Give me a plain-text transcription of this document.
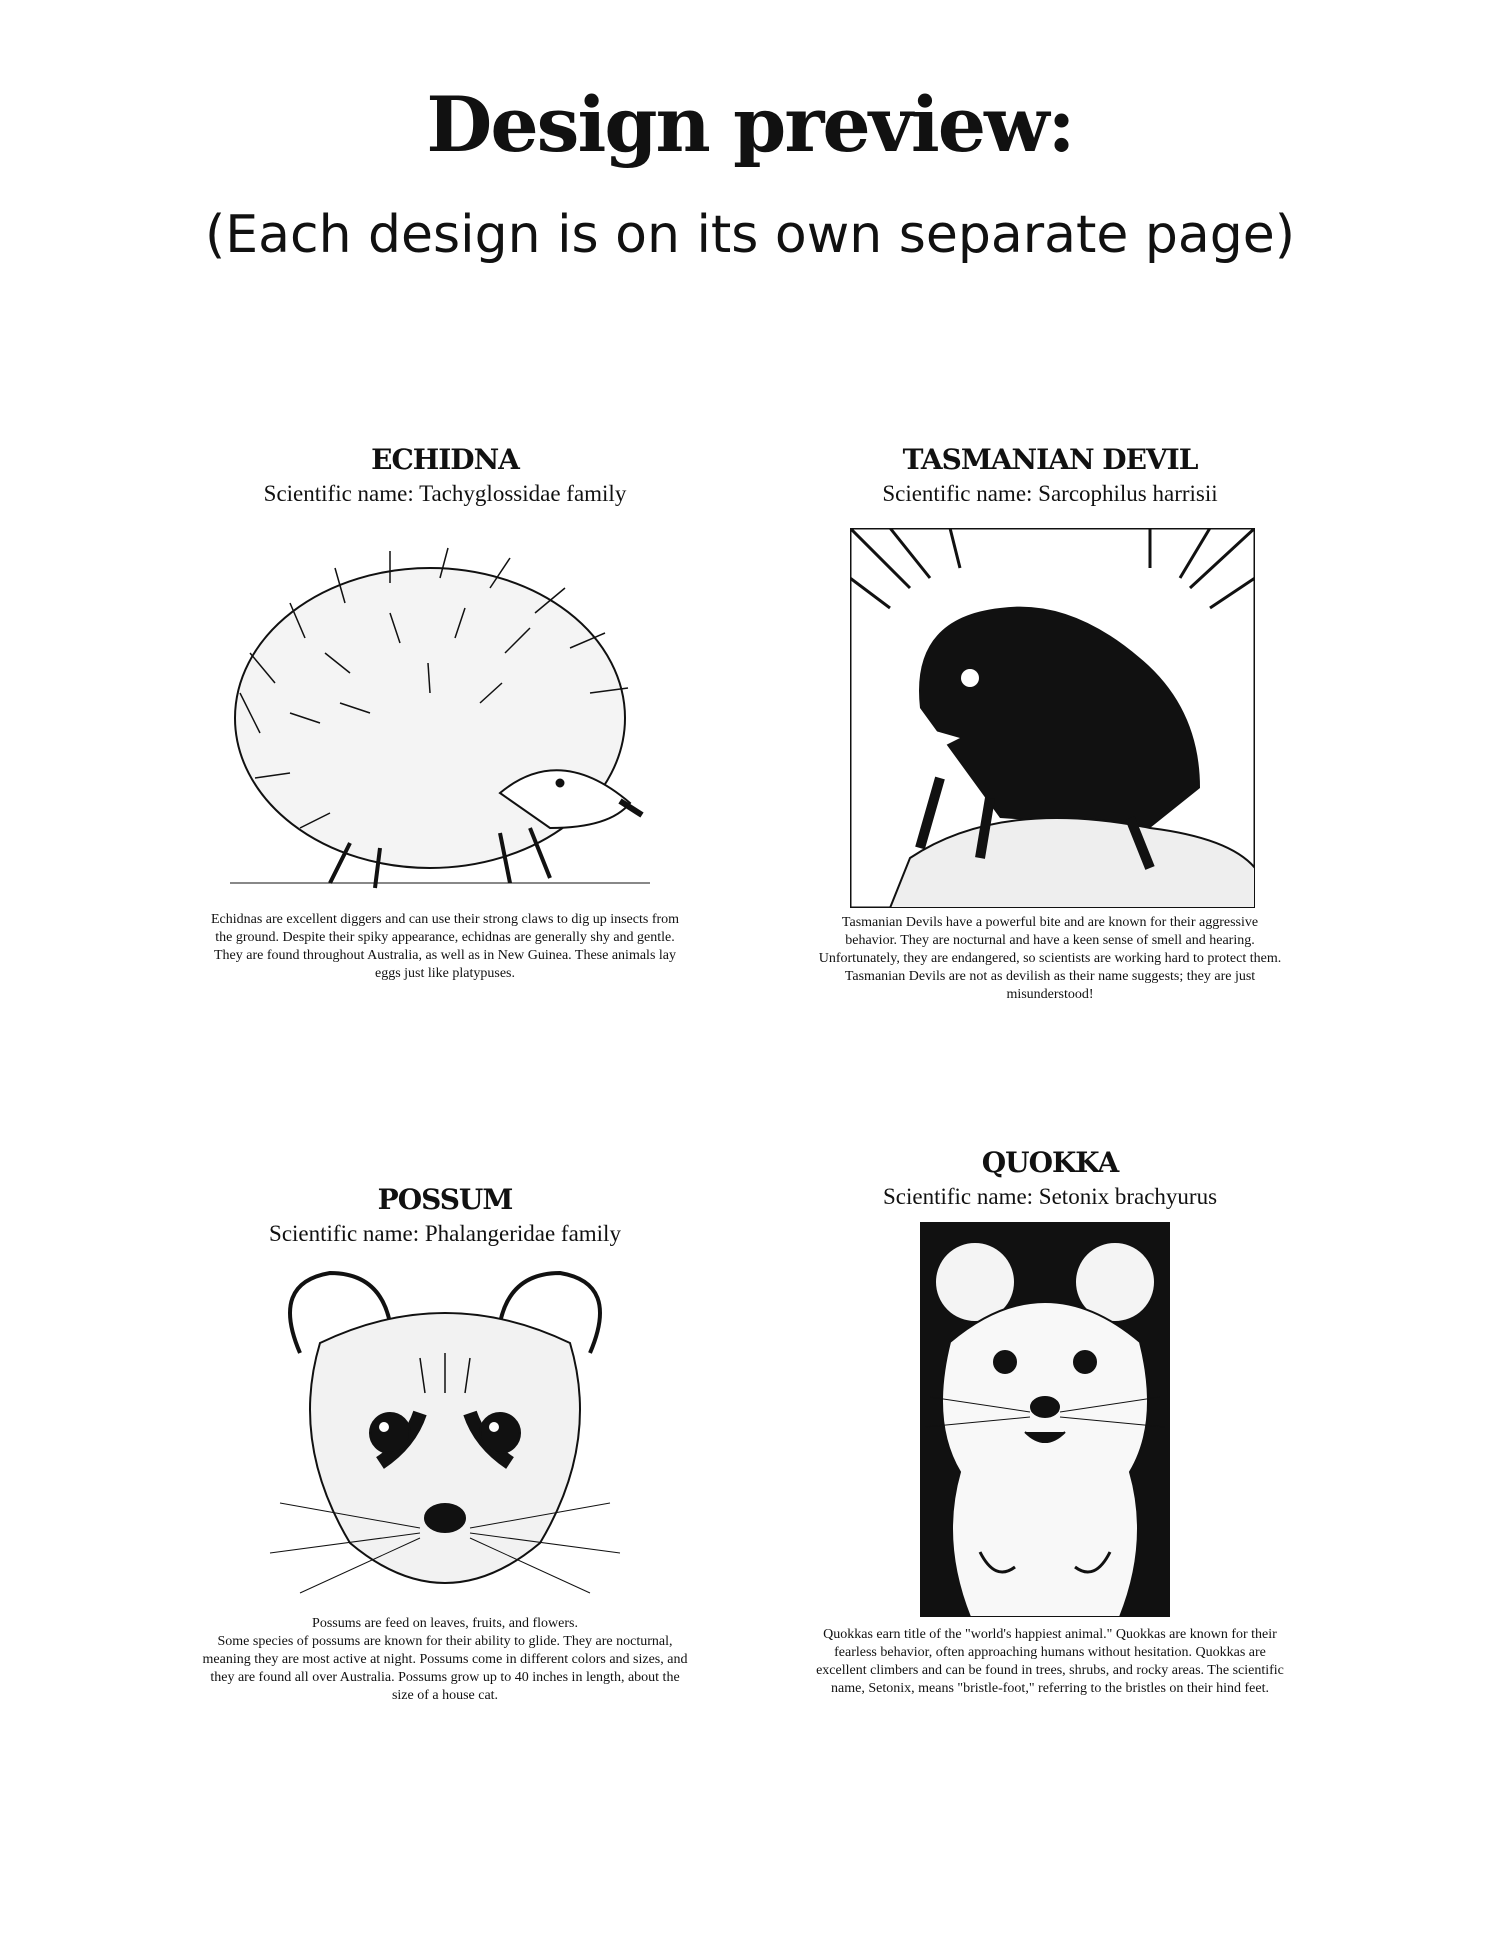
Design preview:

(Each design is on its own separate page)

ECHIDNA

Scientific name: Tachyglossidae family

Echidnas are excellent diggers and can use their strong claws to dig up insects from the ground. Despite their spiky appearance, echidnas are generally shy and gentle. They are found throughout Australia, as well as in New Guinea. These animals lay eggs just like platypuses.

TASMANIAN DEVIL

Scientific name: Sarcophilus harrisii

Tasmanian Devils have a powerful bite and are known for their aggressive behavior. They are nocturnal and have a keen sense of smell and hearing. Unfortunately, they are endangered, so scientists are working hard to protect them. Tasmanian Devils are not as devilish as their name suggests; they are just misunderstood!

POSSUM

Scientific name: Phalangeridae family

Possums are feed on leaves, fruits, and flowers.
Some species of possums are known for their ability to glide. They are nocturnal, meaning they are most active at night. Possums come in different colors and sizes, and they are found all over Australia. Possums grow up to 40 inches in length, about the size of a house cat.
QUOKKA

Scientific name: Setonix brachyurus

Quokkas earn title of the "world's happiest animal." Quokkas are known for their fearless behavior, often approaching humans without hesitation. Quokkas are excellent climbers and can be found in trees, shrubs, and rocky areas. The scientific name, Setonix, means "bristle-foot," referring to the bristles on their hind feet.
